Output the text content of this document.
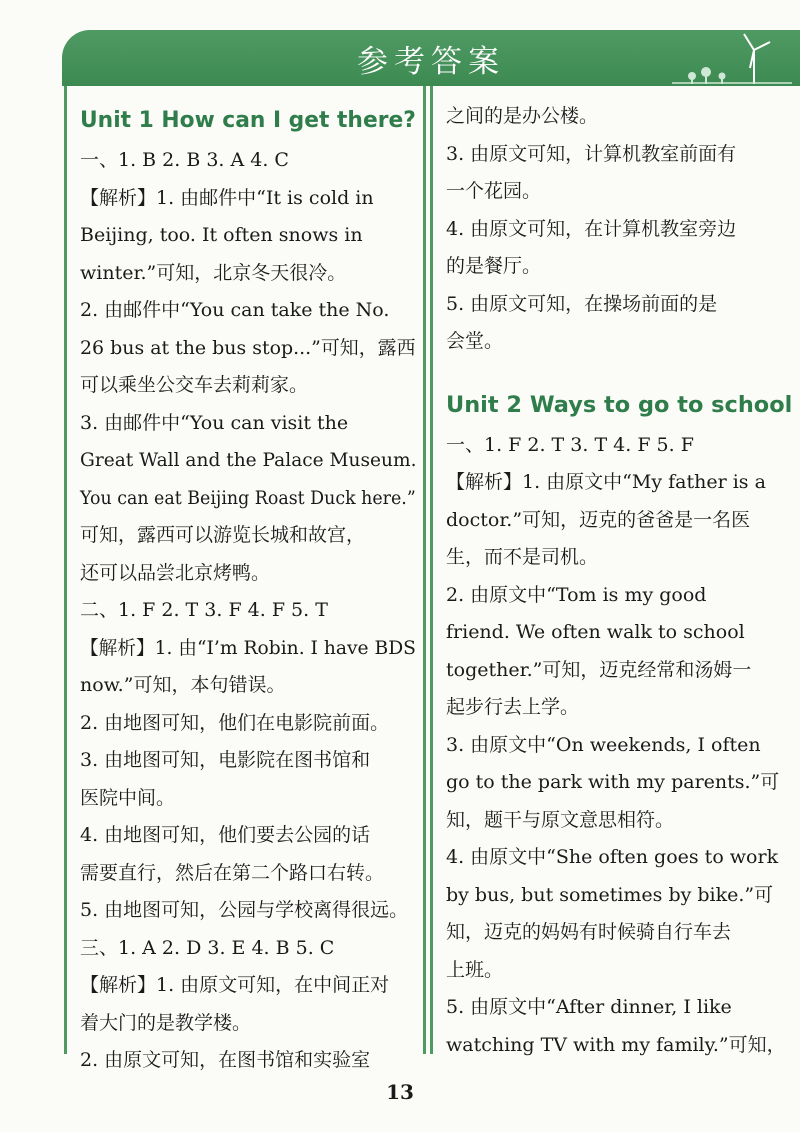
参考答案
Unit 1 How can I get there?
一、1. B 2. B 3. A 4. C
【解析】1. 由邮件中“It is cold in
Beijing, too. It often snows in
winter.”可知，北京冬天很冷。
2. 由邮件中“You can take the No.
26 bus at the bus stop...”可知，露西
可以乘坐公交车去莉莉家。
3. 由邮件中“You can visit the
Great Wall and the Palace Museum.
You can eat Beijing Roast Duck here.”
可知，露西可以游览长城和故宫，
还可以品尝北京烤鸭。
二、1. F 2. T 3. F 4. F 5. T
【解析】1. 由“I’m Robin. I have BDS
now.”可知，本句错误。
2. 由地图可知，他们在电影院前面。
3. 由地图可知，电影院在图书馆和
医院中间。
4. 由地图可知，他们要去公园的话
需要直行，然后在第二个路口右转。
5. 由地图可知，公园与学校离得很远。
三、1. A 2. D 3. E 4. B 5. C
【解析】1. 由原文可知，在中间正对
着大门的是教学楼。
2. 由原文可知，在图书馆和实验室
之间的是办公楼。
3. 由原文可知，计算机教室前面有
一个花园。
4. 由原文可知，在计算机教室旁边
的是餐厅。
5. 由原文可知，在操场前面的是
会堂。
Unit 2 Ways to go to school
一、1. F 2. T 3. T 4. F 5. F
【解析】1. 由原文中“My father is a
doctor.”可知，迈克的爸爸是一名医
生，而不是司机。
2. 由原文中“Tom is my good
friend. We often walk to school
together.”可知，迈克经常和汤姆一
起步行去上学。
3. 由原文中“On weekends, I often
go to the park with my parents.”可
知，题干与原文意思相符。
4. 由原文中“She often goes to work
by bus, but sometimes by bike.”可
知，迈克的妈妈有时候骑自行车去
上班。
5. 由原文中“After dinner, I like
watching TV with my family.”可知，
13
